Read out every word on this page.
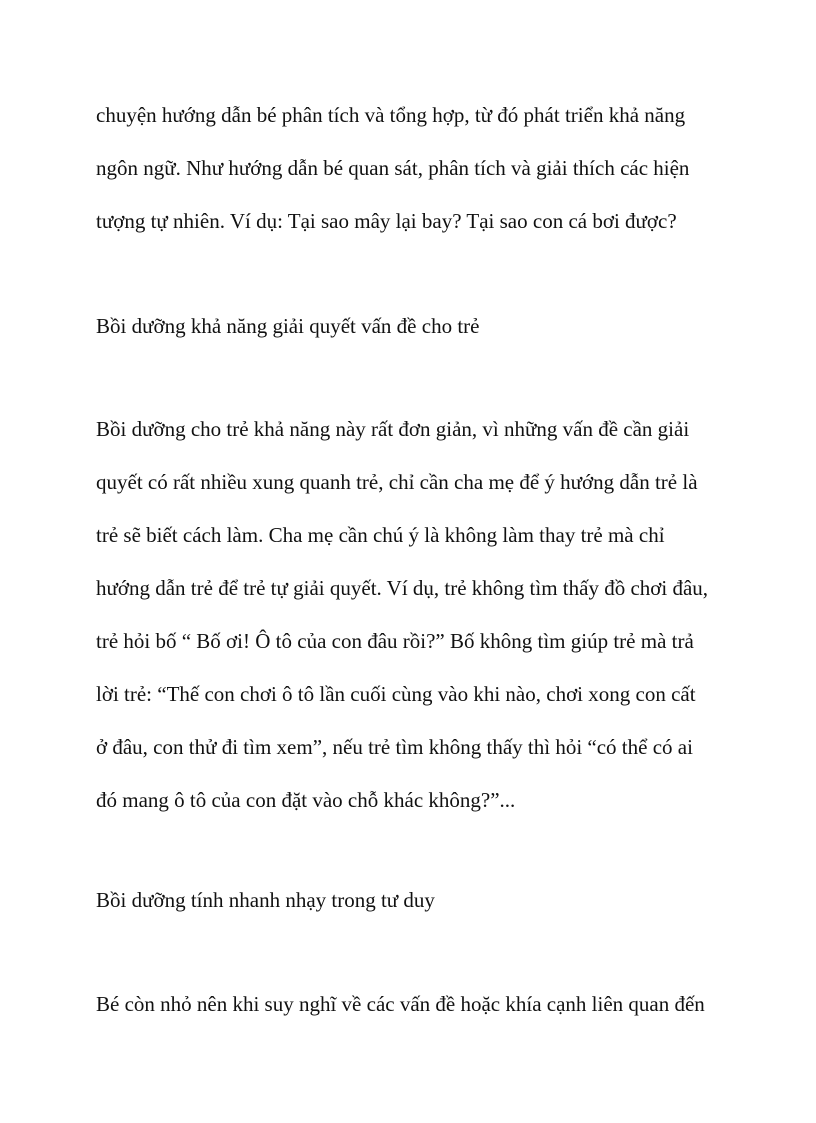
chuyện hướng dẫn bé phân tích và tổng hợp, từ đó phát triển khả năng
ngôn ngữ. Như hướng dẫn bé quan sát, phân tích và giải thích các hiện
tượng tự nhiên. Ví dụ: Tại sao mây lại bay? Tại sao con cá bơi được?
Bồi dưỡng khả năng giải quyết vấn đề cho trẻ
Bồi dưỡng cho trẻ khả năng này rất đơn giản, vì những vấn đề cần giải
quyết có rất nhiều xung quanh trẻ, chỉ cần cha mẹ để ý hướng dẫn trẻ là
trẻ sẽ biết cách làm. Cha mẹ cần chú ý là không làm thay trẻ mà chỉ
hướng dẫn trẻ để trẻ tự giải quyết. Ví dụ, trẻ không tìm thấy đồ chơi đâu,
trẻ hỏi bố “ Bố ơi! Ô tô của con đâu rồi?” Bố không tìm giúp trẻ mà trả
lời trẻ: “Thế con chơi ô tô lần cuối cùng vào khi nào, chơi xong con cất
ở đâu, con thử đi tìm xem”, nếu trẻ tìm không thấy thì hỏi “có thể có ai
đó mang ô tô của con đặt vào chỗ khác không?”...
Bồi dưỡng tính nhanh nhạy trong tư duy
Bé còn nhỏ nên khi suy nghĩ về các vấn đề hoặc khía cạnh liên quan đến
